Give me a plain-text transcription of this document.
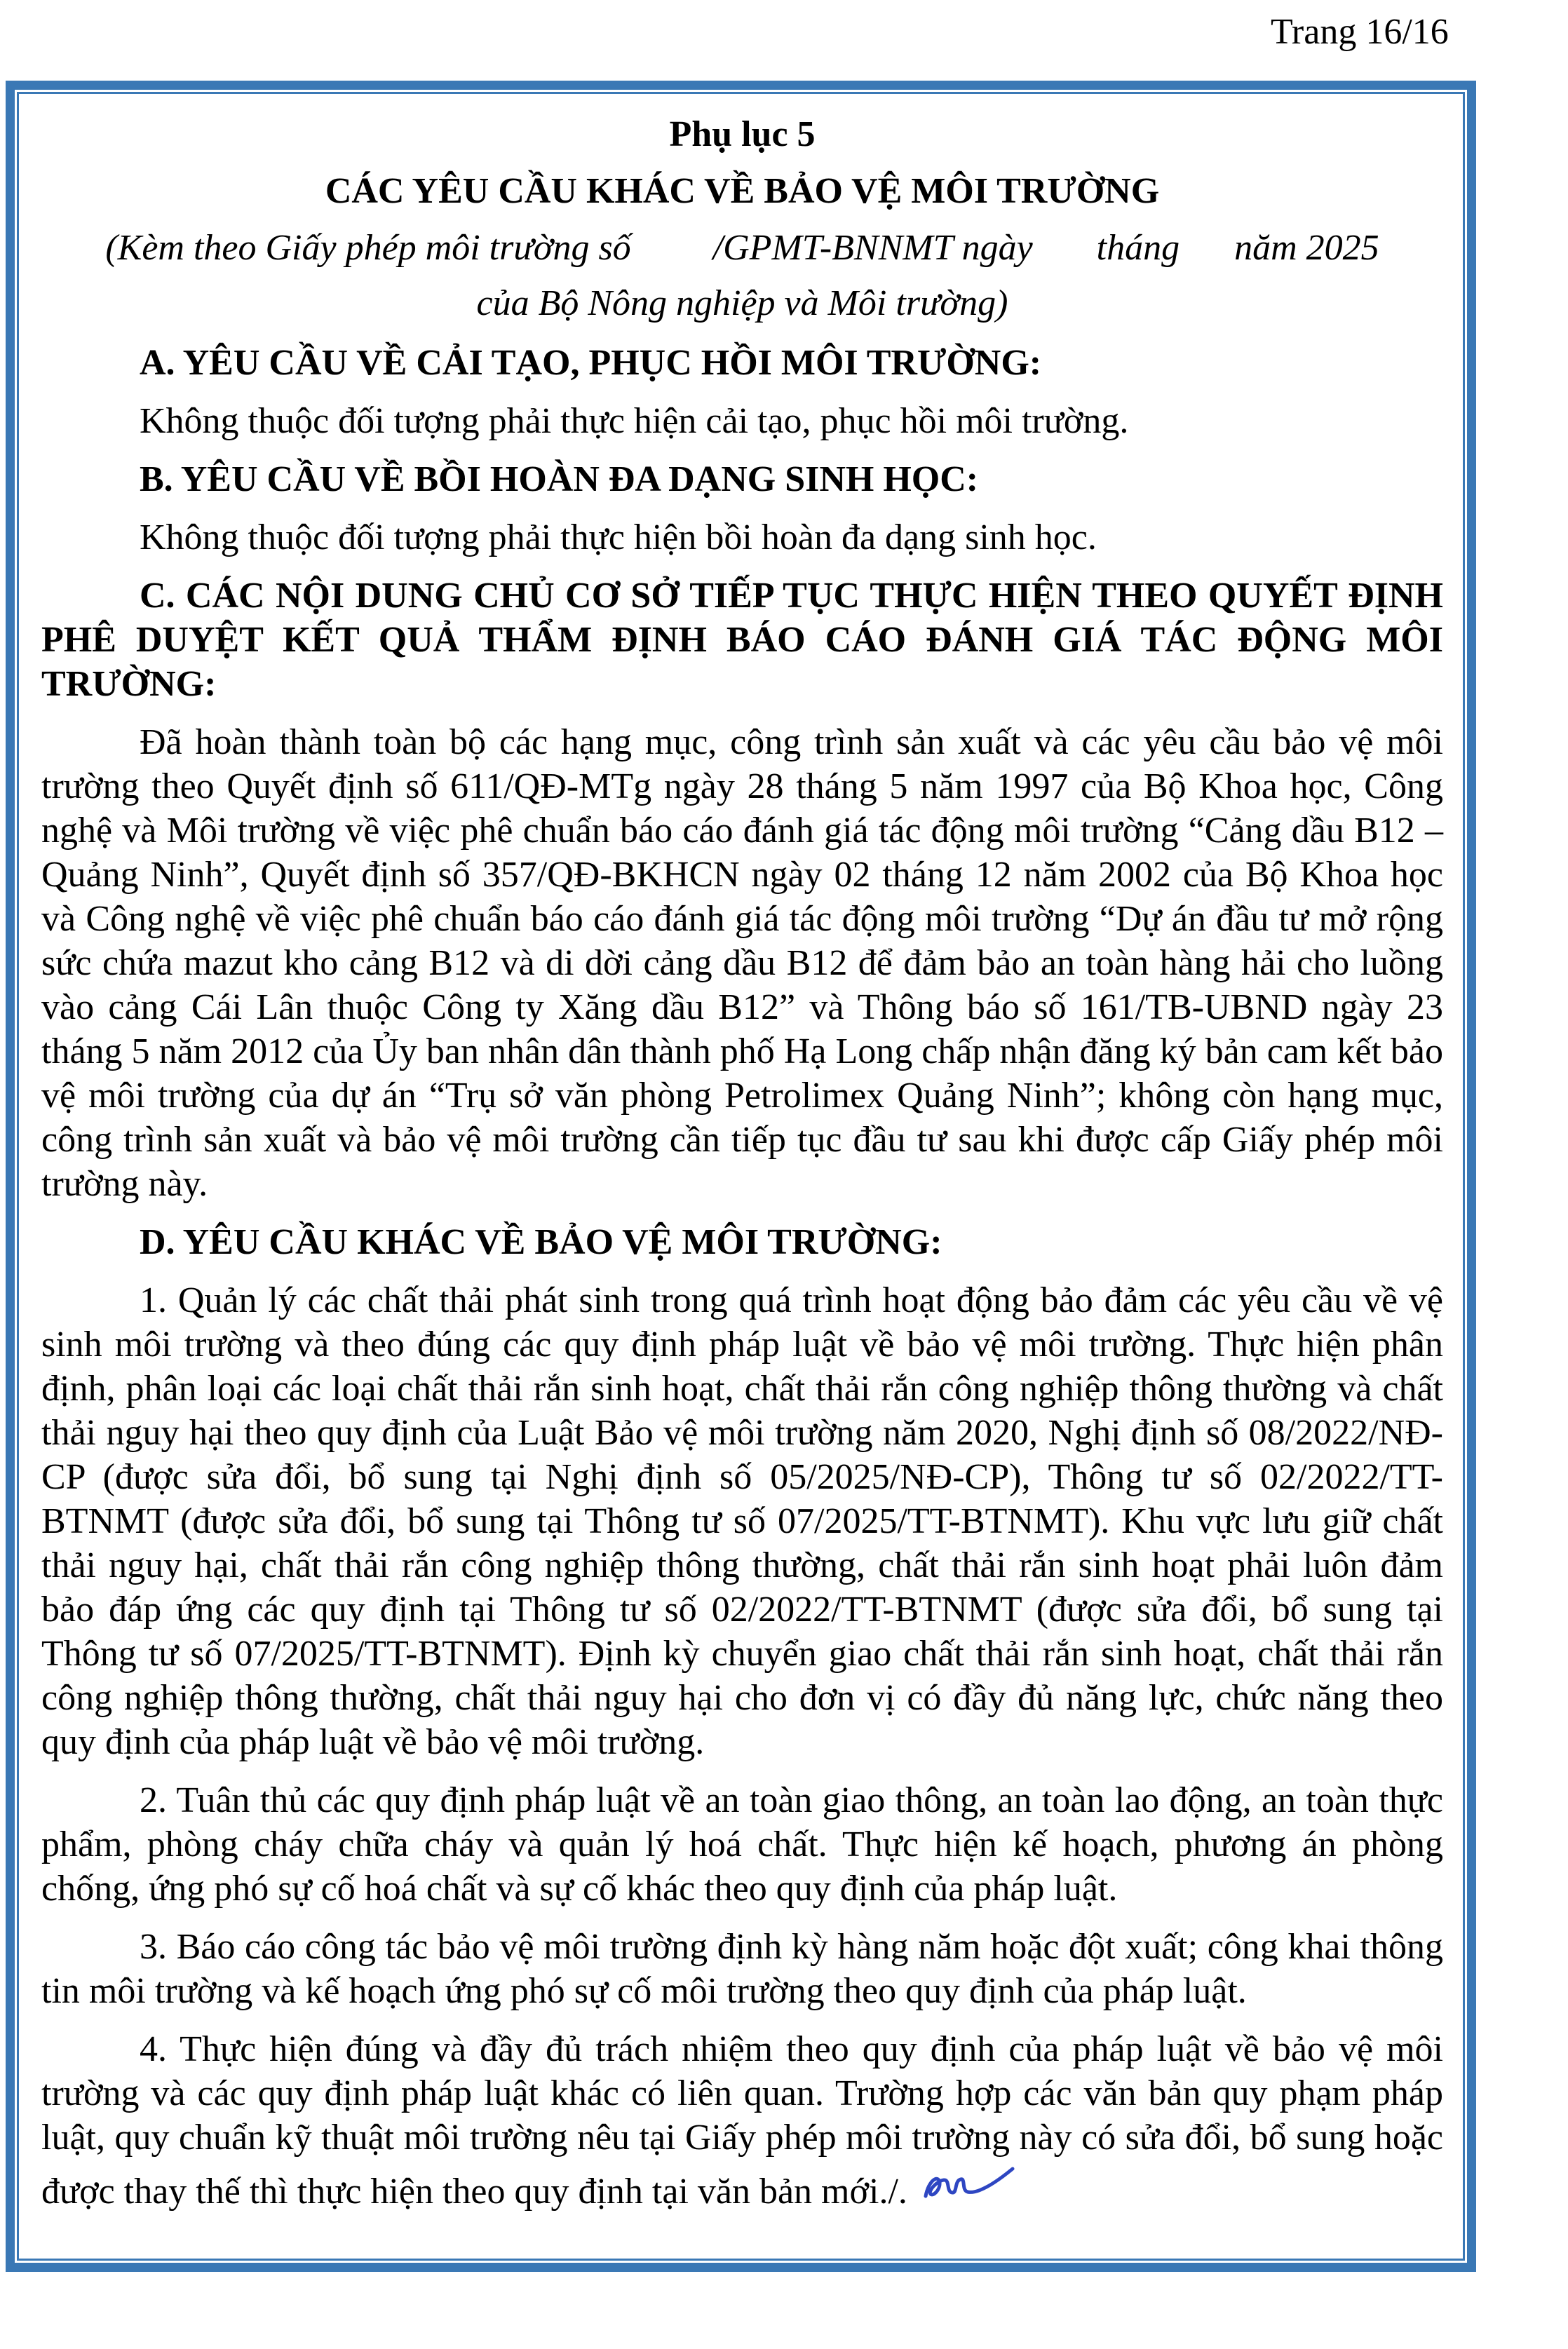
Trang 16/16

Phụ lục 5

CÁC YÊU CẦU KHÁC VỀ BẢO VỆ MÔI TRƯỜNG

(Kèm theo Giấy phép môi trường số         /GPMT-BNNMT ngày       tháng      năm 2025

của Bộ Nông nghiệp và Môi trường)

A. YÊU CẦU VỀ CẢI TẠO, PHỤC HỒI MÔI TRƯỜNG:

Không thuộc đối tượng phải thực hiện cải tạo, phục hồi môi trường.

B. YÊU CẦU VỀ BỒI HOÀN ĐA DẠNG SINH HỌC:

Không thuộc đối tượng phải thực hiện bồi hoàn đa dạng sinh học.

C. CÁC NỘI DUNG CHỦ CƠ SỞ TIẾP TỤC THỰC HIỆN THEO QUYẾT ĐỊNH PHÊ DUYỆT KẾT QUẢ THẨM ĐỊNH BÁO CÁO ĐÁNH GIÁ TÁC ĐỘNG MÔI TRƯỜNG:

Đã hoàn thành toàn bộ các hạng mục, công trình sản xuất và các yêu cầu bảo vệ môi trường theo Quyết định số 611/QĐ-MTg ngày 28 tháng 5 năm 1997 của Bộ Khoa học, Công nghệ và Môi trường về việc phê chuẩn báo cáo đánh giá tác động môi trường “Cảng dầu B12 – Quảng Ninh”, Quyết định số 357/QĐ-BKHCN ngày 02 tháng 12 năm 2002 của Bộ Khoa học và Công nghệ về việc phê chuẩn báo cáo đánh giá tác động môi trường “Dự án đầu tư mở rộng sức chứa mazut kho cảng B12 và di dời cảng dầu B12 để đảm bảo an toàn hàng hải cho luồng vào cảng Cái Lân thuộc Công ty Xăng dầu B12” và Thông báo số 161/TB-UBND ngày 23 tháng 5 năm 2012 của Ủy ban nhân dân thành phố Hạ Long chấp nhận đăng ký bản cam kết bảo vệ môi trường của dự án “Trụ sở văn phòng Petrolimex Quảng Ninh”; không còn hạng mục, công trình sản xuất và bảo vệ môi trường cần tiếp tục đầu tư sau khi được cấp Giấy phép môi trường này.

D. YÊU CẦU KHÁC VỀ BẢO VỆ MÔI TRƯỜNG:

1. Quản lý các chất thải phát sinh trong quá trình hoạt động bảo đảm các yêu cầu về vệ sinh môi trường và theo đúng các quy định pháp luật về bảo vệ môi trường. Thực hiện phân định, phân loại các loại chất thải rắn sinh hoạt, chất thải rắn công nghiệp thông thường và chất thải nguy hại theo quy định của Luật Bảo vệ môi trường năm 2020, Nghị định số 08/2022/NĐ-CP (được sửa đổi, bổ sung tại Nghị định số 05/2025/NĐ-CP), Thông tư số 02/2022/TT-BTNMT (được sửa đổi, bổ sung tại Thông tư số 07/2025/TT-BTNMT). Khu vực lưu giữ chất thải nguy hại, chất thải rắn công nghiệp thông thường, chất thải rắn sinh hoạt phải luôn đảm bảo đáp ứng các quy định tại Thông tư số 02/2022/TT-BTNMT (được sửa đổi, bổ sung tại Thông tư số 07/2025/TT-BTNMT). Định kỳ chuyển giao chất thải rắn sinh hoạt, chất thải rắn công nghiệp thông thường, chất thải nguy hại cho đơn vị có đầy đủ năng lực, chức năng theo quy định của pháp luật về bảo vệ môi trường.

2. Tuân thủ các quy định pháp luật về an toàn giao thông, an toàn lao động, an toàn thực phẩm, phòng cháy chữa cháy và quản lý hoá chất. Thực hiện kế hoạch, phương án phòng chống, ứng phó sự cố hoá chất và sự cố khác theo quy định của pháp luật.

3. Báo cáo công tác bảo vệ môi trường định kỳ hàng năm hoặc đột xuất; công khai thông tin môi trường và kế hoạch ứng phó sự cố môi trường theo quy định của pháp luật.

4. Thực hiện đúng và đầy đủ trách nhiệm theo quy định của pháp luật về bảo vệ môi trường và các quy định pháp luật khác có liên quan. Trường hợp các văn bản quy phạm pháp luật, quy chuẩn kỹ thuật môi trường nêu tại Giấy phép môi trường này có sửa đổi, bổ sung hoặc được thay thế thì thực hiện theo quy định tại văn bản mới./.
